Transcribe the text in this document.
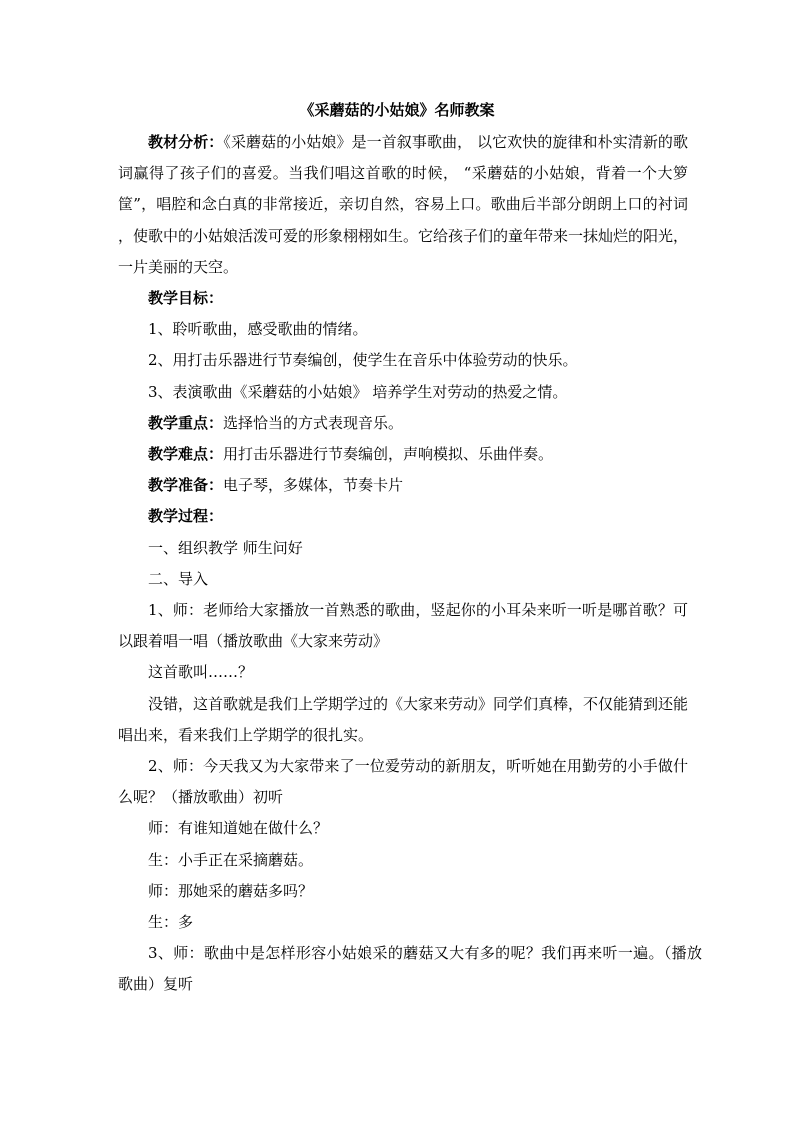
《采蘑菇的小姑娘》名师教案

教材分析：《采蘑菇的小姑娘》是一首叙事歌曲， 以它欢快的旋律和朴实清新的歌词赢得了孩子们的喜爱。当我们唱这首歌的时候， “采蘑菇的小姑娘，背着一个大箩筐”，唱腔和念白真的非常接近，亲切自然，容易上口。歌曲后半部分朗朗上口的衬词 ，使歌中的小姑娘活泼可爱的形象栩栩如生。它给孩子们的童年带来一抹灿烂的阳光，一片美丽的天空。

教学目标：

1、聆听歌曲，感受歌曲的情绪。

2、用打击乐器进行节奏编创，使学生在音乐中体验劳动的快乐。

3、表演歌曲《采蘑菇的小姑娘》 培养学生对劳动的热爱之情。

教学重点：选择恰当的方式表现音乐。

教学难点：用打击乐器进行节奏编创，声响模拟、乐曲伴奏。

教学准备：电子琴，多媒体，节奏卡片

教学过程：

一、组织教学 师生问好

二、导入

1、师：老师给大家播放一首熟悉的歌曲，竖起你的小耳朵来听一听是哪首歌？可以跟着唱一唱（播放歌曲《大家来劳动》

这首歌叫……？

没错，这首歌就是我们上学期学过的《大家来劳动》同学们真棒，不仅能猜到还能唱出来，看来我们上学期学的很扎实。

2、师：今天我又为大家带来了一位爱劳动的新朋友，听听她在用勤劳的小手做什么呢？（播放歌曲）初听

师：有谁知道她在做什么？

生：小手正在采摘蘑菇。

师：那她采的蘑菇多吗？

生：多

3、师：歌曲中是怎样形容小姑娘采的蘑菇又大有多的呢？我们再来听一遍。（播放歌曲）复听
